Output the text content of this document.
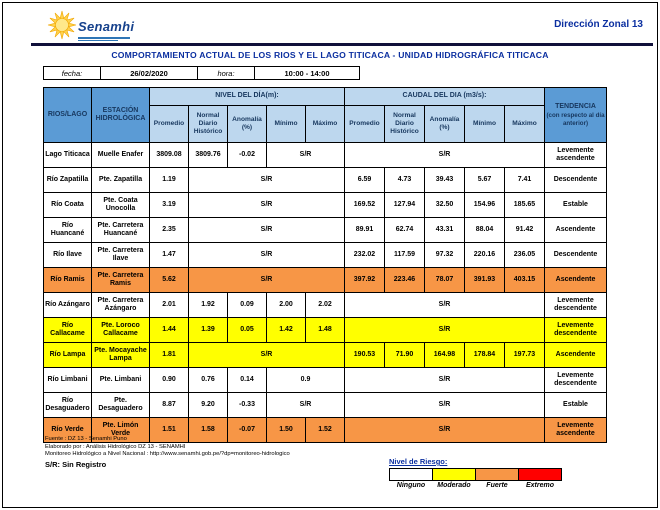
Senamhi	Dirección Zonal 13
COMPORTAMIENTO ACTUAL DE LOS RIOS Y EL LAGO TITICACA - UNIDAD HIDROGRÁFICA TITICACA
fecha:	26/02/2020	hora:	10:00 - 14:00
RIOS/LAGO	ESTACIÓN HIDROLÓGICA	NIVEL DEL DÍA(m):					CAUDAL DEL DIA (m3/s):					TENDENCIA
(con respecto al día anterior)

		Promedio	Normal Diario Histórico	Anomalía (%)	Mínimo	Máximo	Promedio	Normal Diario Histórico	Anomalía (%)	Mínimo	Máximo	
Lago Titicaca	Muelle Enafer	3809.08	3809.76	-0.02	S/R		S/R					Levemente ascendente
Río Zapatilla	Pte. Zapatilla	1.19	S/R				6.59	4.73	39.43	5.67	7.41	Descendente
Río Coata	Pte. Coata Unocolla	3.19	S/R				169.52	127.94	32.50	154.96	185.65	Estable
Río Huancané	Pte. Carretera Huancané	2.35	S/R				89.91	62.74	43.31	88.04	91.42	Ascendente
Río Ilave	Pte. Carretera Ilave	1.47	S/R				232.02	117.59	97.32	220.16	236.05	Descendente
Río Ramis	Pte. Carretera Ramis	5.62	S/R				397.92	223.46	78.07	391.93	403.15	Ascendente
Río Azángaro	Pte. Carretera Azángaro	2.01	1.92	0.09	2.00	2.02	S/R					Levemente descendente
Río Callacame	Pte. Loroco Callacame	1.44	1.39	0.05	1.42	1.48	S/R					Levemente descendente
Río Lampa	Pte. Mocayache Lampa	1.81	S/R				190.53	71.90	164.98	178.84	197.73	Ascendente
Río Limbani	Pte. Limbani	0.90	0.76	0.14	0.9		S/R					Levemente descendente
Río Desaguadero	Pte. Desaguadero	8.87	9.20	-0.33	S/R		S/R					Estable
Río Verde	Pte. Limón Verde	1.51	1.58	-0.07	1.50	1.52	S/R					Levemente ascendente
Fuente : DZ 13 - Senamhi Puno
Elaborado por : Análisis Hidrológico DZ 13 - SENAMHI
Monitoreo Hidrológico a Nivel Nacional : http://www.senamhi.gob.pe/?dp=monitoreo-hidrologico
S/R: Sin Registro	Nivel de Riesgo:
Ninguno Moderado Fuerte	Extremo
